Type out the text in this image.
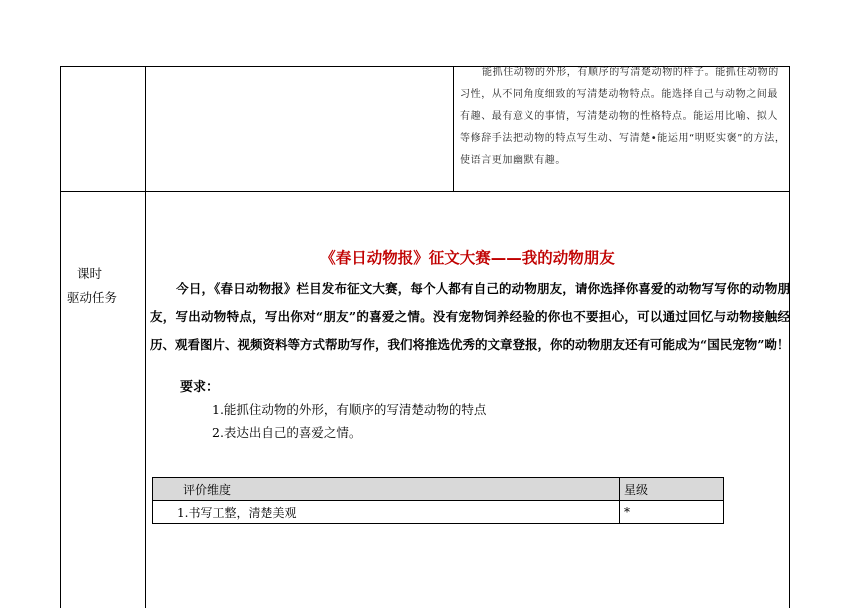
能抓住动物的外形，有顺序的写清楚动物的样子。能抓住动物的
习性，从不同角度细致的写清楚动物特点。能选择自己与动物之间最
有趣、最有意义的事情，写清楚动物的性格特点。能运用比喻、拟人
等修辞手法把动物的特点写生动、写清楚•能运用“明贬实褒”的方法，
使语言更加幽默有趣。
课时
驱动任务
《春日动物报》征文大赛——我的动物朋友
今日，《春日动物报》栏目发布征文大赛，每个人都有自己的动物朋友，请你选择你喜爱的动物写写你的动物朋友，写出动物特点，写出你对“朋友”的喜爱之情。没有宠物饲养经验的你也不要担心，可以通过回忆与动物接触经历、观看图片、视频资料等方式帮助写作，我们将推选优秀的文章登报，你的动物朋友还有可能成为“国民宠物”呦！
要求：
1.能抓住动物的外形，有顺序的写清楚动物的特点
2.表达出自己的喜爱之情。
评价维度	星级
1.书写工整，清楚美观	*
